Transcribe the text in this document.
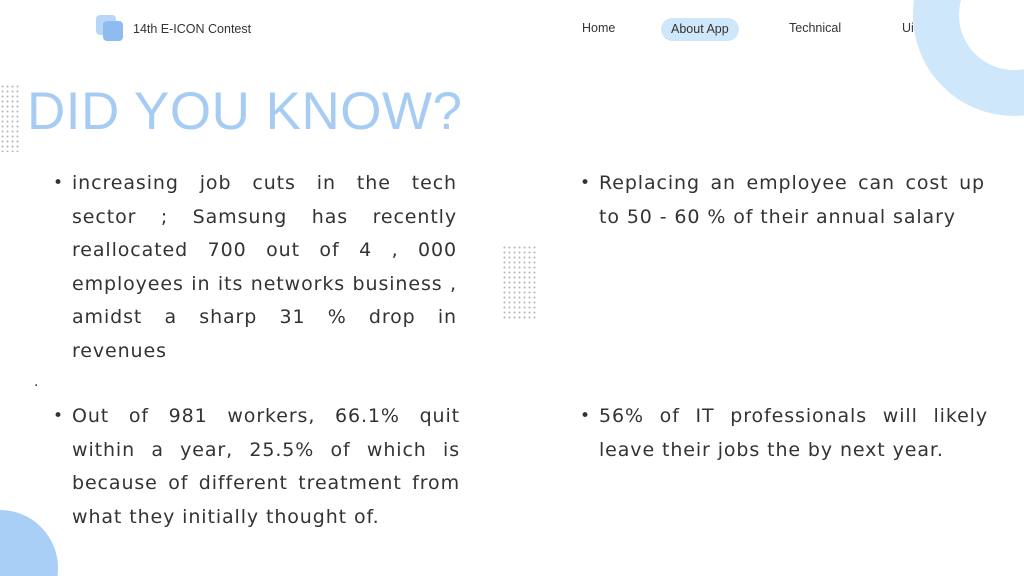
14th E-ICON Contest	Home	About App	Technical	Ui
DID YOU KNOW?
• increasing job cuts in the tech sector ; Samsung has recently reallocated 700 out of 4 , 000 employees in its networks business , amidst a sharp 31 % drop in revenues
• Replacing an employee can cost up to 50 - 60 % of their annual salary
.
• Out of 981 workers, 66.1% quit within a year, 25.5% of which is because of different treatment from what they initially thought of.
• 56% of IT professionals will likely leave their jobs the by next year.
